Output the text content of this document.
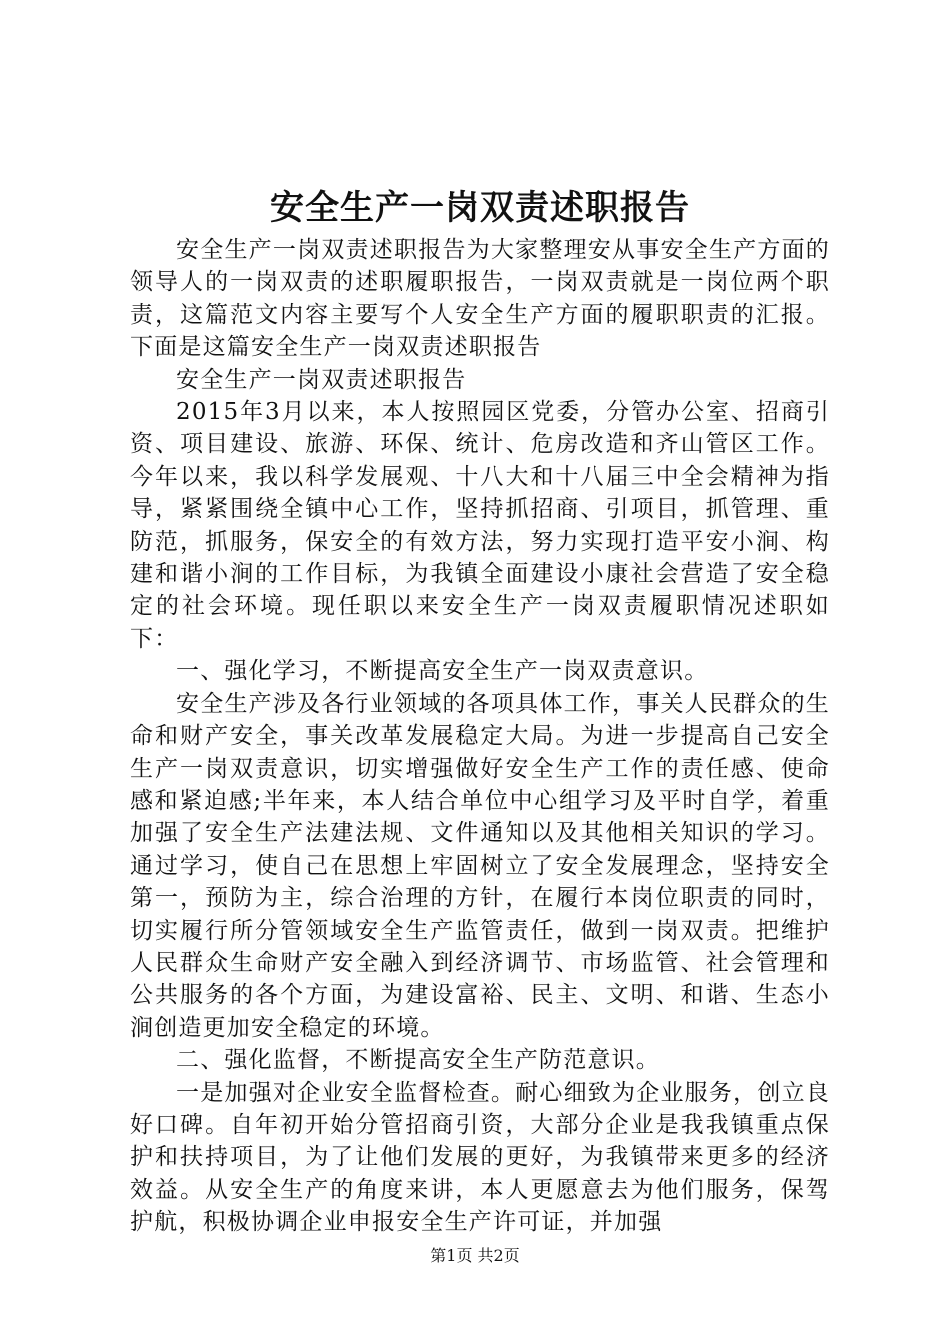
安全生产一岗双责述职报告

安全生产一岗双责述职报告为大家整理安从事安全生产方面的领导人的一岗双责的述职履职报告，一岗双责就是一岗位两个职责，这篇范文内容主要写个人安全生产方面的履职职责的汇报。下面是这篇安全生产一岗双责述职报告

安全生产一岗双责述职报告

2015年3月以来，本人按照园区党委，分管办公室、招商引资、项目建设、旅游、环保、统计、危房改造和齐山管区工作。今年以来，我以科学发展观、十八大和十八届三中全会精神为指导，紧紧围绕全镇中心工作，坚持抓招商、引项目，抓管理、重防范，抓服务，保安全的有效方法，努力实现打造平安小涧、构建和谐小涧的工作目标，为我镇全面建设小康社会营造了安全稳定的社会环境。现任职以来安全生产一岗双责履职情况述职如下：

一、强化学习，不断提高安全生产一岗双责意识。

安全生产涉及各行业领域的各项具体工作，事关人民群众的生命和财产安全，事关改革发展稳定大局。为进一步提高自己安全生产一岗双责意识，切实增强做好安全生产工作的责任感、使命感和紧迫感;半年来，本人结合单位中心组学习及平时自学，着重加强了安全生产法建法规、文件通知以及其他相关知识的学习。通过学习，使自己在思想上牢固树立了安全发展理念，坚持安全第一，预防为主，综合治理的方针，在履行本岗位职责的同时，切实履行所分管领域安全生产监管责任，做到一岗双责。把维护人民群众生命财产安全融入到经济调节、市场监管、社会管理和公共服务的各个方面，为建设富裕、民主、文明、和谐、生态小涧创造更加安全稳定的环境。

二、强化监督，不断提高安全生产防范意识。

一是加强对企业安全监督检查。耐心细致为企业服务，创立良好口碑。自年初开始分管招商引资，大部分企业是我我镇重点保护和扶持项目，为了让他们发展的更好，为我镇带来更多的经济效益。从安全生产的角度来讲，本人更愿意去为他们服务，保驾护航，积极协调企业申报安全生产许可证，并加强

第1页 共2页
